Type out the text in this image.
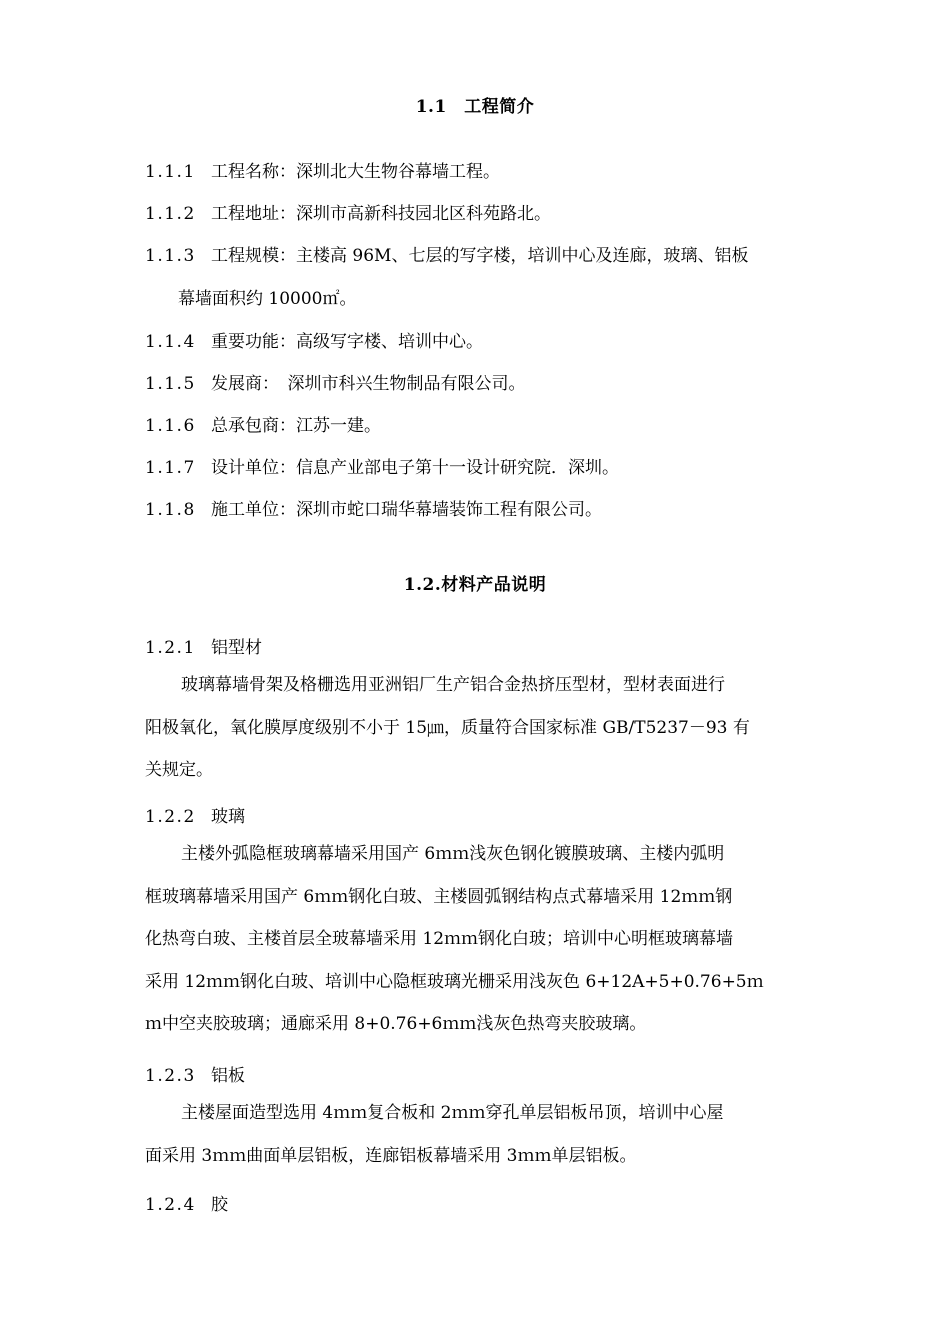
1.1　工程简介
1.1.1 工程名称：深圳北大生物谷幕墙工程。
1.1.2 工程地址：深圳市高新科技园北区科苑路北。
1.1.3 工程规模：主楼高 96M、七层的写字楼，培训中心及连廊，玻璃、铝板
幕墙面积约 10000㎡。
1.1.4 重要功能：高级写字楼、培训中心。
1.1.5 发展商：　深圳市科兴生物制品有限公司。
1.1.6 总承包商：江苏一建。
1.1.7 设计单位：信息产业部电子第十一设计研究院．深圳。
1.1.8 施工单位：深圳市蛇口瑞华幕墙装饰工程有限公司。
1.2.材料产品说明
1.2.1 铝型材
玻璃幕墙骨架及格栅选用亚洲铝厂生产铝合金热挤压型材，型材表面进行
阳极氧化，氧化膜厚度级别不小于 15㎛，质量符合国家标准 GB/T5237－93 有
关规定。
1.2.2 玻璃
主楼外弧隐框玻璃幕墙采用国产 6ｍｍ浅灰色钢化镀膜玻璃、主楼内弧明
框玻璃幕墙采用国产 6ｍｍ钢化白玻、主楼圆弧钢结构点式幕墙采用 12ｍｍ钢
化热弯白玻、主楼首层全玻幕墙采用 12ｍｍ钢化白玻；培训中心明框玻璃幕墙
采用 12ｍｍ钢化白玻、培训中心隐框玻璃光栅采用浅灰色 6+12A+5+0.76+5ｍ
ｍ中空夹胶玻璃；通廊采用 8+0.76+6ｍｍ浅灰色热弯夹胶玻璃。
1.2.3 铝板
主楼屋面造型选用 4ｍｍ复合板和 2ｍｍ穿孔单层铝板吊顶，培训中心屋
面采用 3ｍｍ曲面单层铝板，连廊铝板幕墙采用 3ｍｍ单层铝板。
1.2.4 胶
